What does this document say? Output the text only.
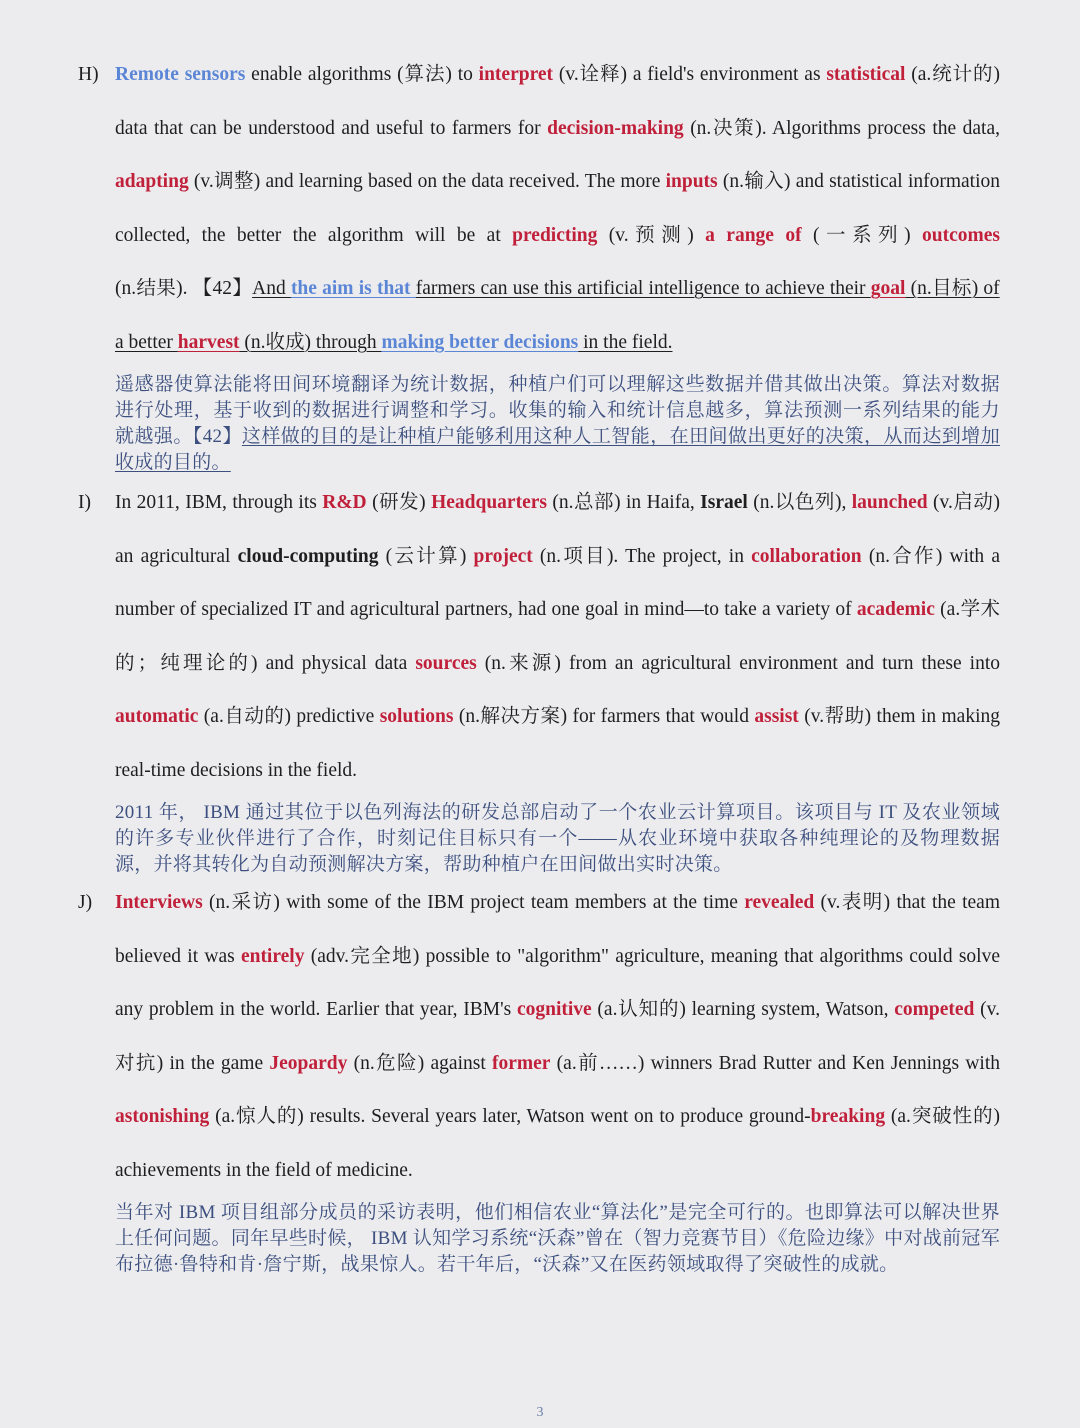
H) Remote sensors enable algorithms (算法) to interpret (v.诠释) a field's environment as statistical (a.统计的) data that can be understood and useful to farmers for decision-making (n.决策). Algorithms process the data, adapting (v.调整) and learning based on the data received. The more inputs (n.输入) and statistical information collected, the better the algorithm will be at predicting (v.预测) a range of (一系列) outcomes (n.结果). 【42】And the aim is that farmers can use this artificial intelligence to achieve their goal (n.目标) of a better harvest (n.收成) through making better decisions in the field.
遥感器使算法能将田间环境翻译为统计数据，种植户们可以理解这些数据并借其做出决策。算法对数据进行处理，基于收到的数据进行调整和学习。收集的输入和统计信息越多，算法预测一系列结果的能力就越强。【42】这样做的目的是让种植户能够利用这种人工智能，在田间做出更好的决策，从而达到增加收成的目的。
I) In 2011, IBM, through its R&D (研发) Headquarters (n.总部) in Haifa, Israel (n.以色列), launched (v.启动) an agricultural cloud-computing (云计算) project (n.项目). The project, in collaboration (n.合作) with a number of specialized IT and agricultural partners, had one goal in mind—to take a variety of academic (a.学术的；纯理论的) and physical data sources (n.来源) from an agricultural environment and turn these into automatic (a.自动的) predictive solutions (n.解决方案) for farmers that would assist (v.帮助) them in making real-time decisions in the field.
2011 年， IBM 通过其位于以色列海法的研发总部启动了一个农业云计算项目。该项目与 IT 及农业领域的许多专业伙伴进行了合作，时刻记住目标只有一个——从农业环境中获取各种纯理论的及物理数据源，并将其转化为自动预测解决方案，帮助种植户在田间做出实时决策。
J) Interviews (n.采访) with some of the IBM project team members at the time revealed (v.表明) that the team believed it was entirely (adv.完全地) possible to "algorithm" agriculture, meaning that algorithms could solve any problem in the world. Earlier that year, IBM's cognitive (a.认知的) learning system, Watson, competed (v.对抗) in the game Jeopardy (n.危险) against former (a.前……) winners Brad Rutter and Ken Jennings with astonishing (a.惊人的) results. Several years later, Watson went on to produce ground-breaking (a.突破性的) achievements in the field of medicine.
当年对 IBM 项目组部分成员的采访表明，他们相信农业“算法化”是完全可行的。也即算法可以解决世界上任何问题。同年早些时候， IBM 认知学习系统“沃森”曾在（智力竞赛节目）《危险边缘》中对战前冠军布拉德·鲁特和肯·詹宁斯，战果惊人。若干年后，“沃森”又在医药领域取得了突破性的成就。
3
